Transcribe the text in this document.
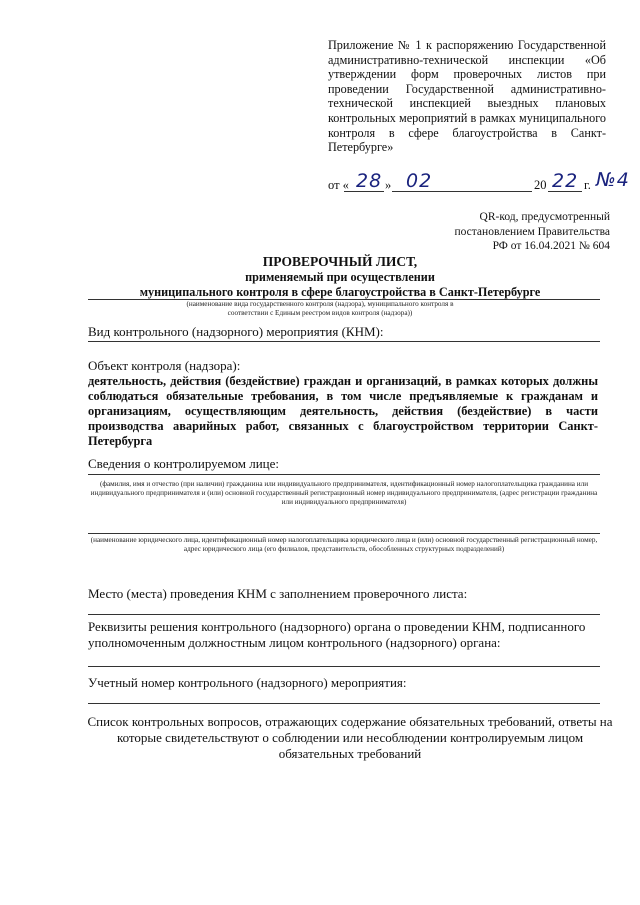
Приложение № 1 к распоряжению Государственной административно-технической инспекции «Об утверждении форм проверочных листов при проведении Государственной административно-технической инспекцией выездных плановых контрольных мероприятий в рамках муниципального контроля в сфере благоустройства в Санкт-Петербурге»
от « 28 » 02	20 22 г. №4
QR-код, предусмотренный постановлением Правительства РФ от 16.04.2021 № 604
ПРОВЕРОЧНЫЙ ЛИСТ,
применяемый при осуществлении
муниципального контроля в сфере благоустройства в Санкт-Петербурге
(наименование вида государственного контроля (надзора), муниципального контроля в соответствии с Единым реестром видов контроля (надзора))
Вид контрольного (надзорного) мероприятия (КНМ):
Объект контроля (надзора):
деятельность, действия (бездействие) граждан и организаций, в рамках которых должны соблюдаться обязательные требования, в том числе предъявляемые к гражданам и организациям, осуществляющим деятельность, действия (бездействие) в части производства аварийных работ, связанных с благоустройством территории Санкт-Петербурга
Сведения о контролируемом лице:
(фамилия, имя и отчество (при наличии) гражданина или индивидуального предпринимателя, идентификационный номер налогоплательщика гражданина или индивидуального предпринимателя и (или) основной государственный регистрационный номер индивидуального предпринимателя, (адрес регистрации гражданина или индивидуального предпринимателя)
(наименование юридического лица, идентификационный номер налогоплательщика юридического лица и (или) основной государственный регистрационный номер, адрес юридического лица (его филиалов, представительств, обособленных структурных подразделений)
Место (места) проведения КНМ с заполнением проверочного листа:
Реквизиты решения контрольного (надзорного) органа о проведении КНМ, подписанного уполномоченным должностным лицом контрольного (надзорного) органа:
Учетный номер контрольного (надзорного) мероприятия:
Список контрольных вопросов, отражающих содержание обязательных требований, ответы на которые свидетельствуют о соблюдении или несоблюдении контролируемым лицом обязательных требований
